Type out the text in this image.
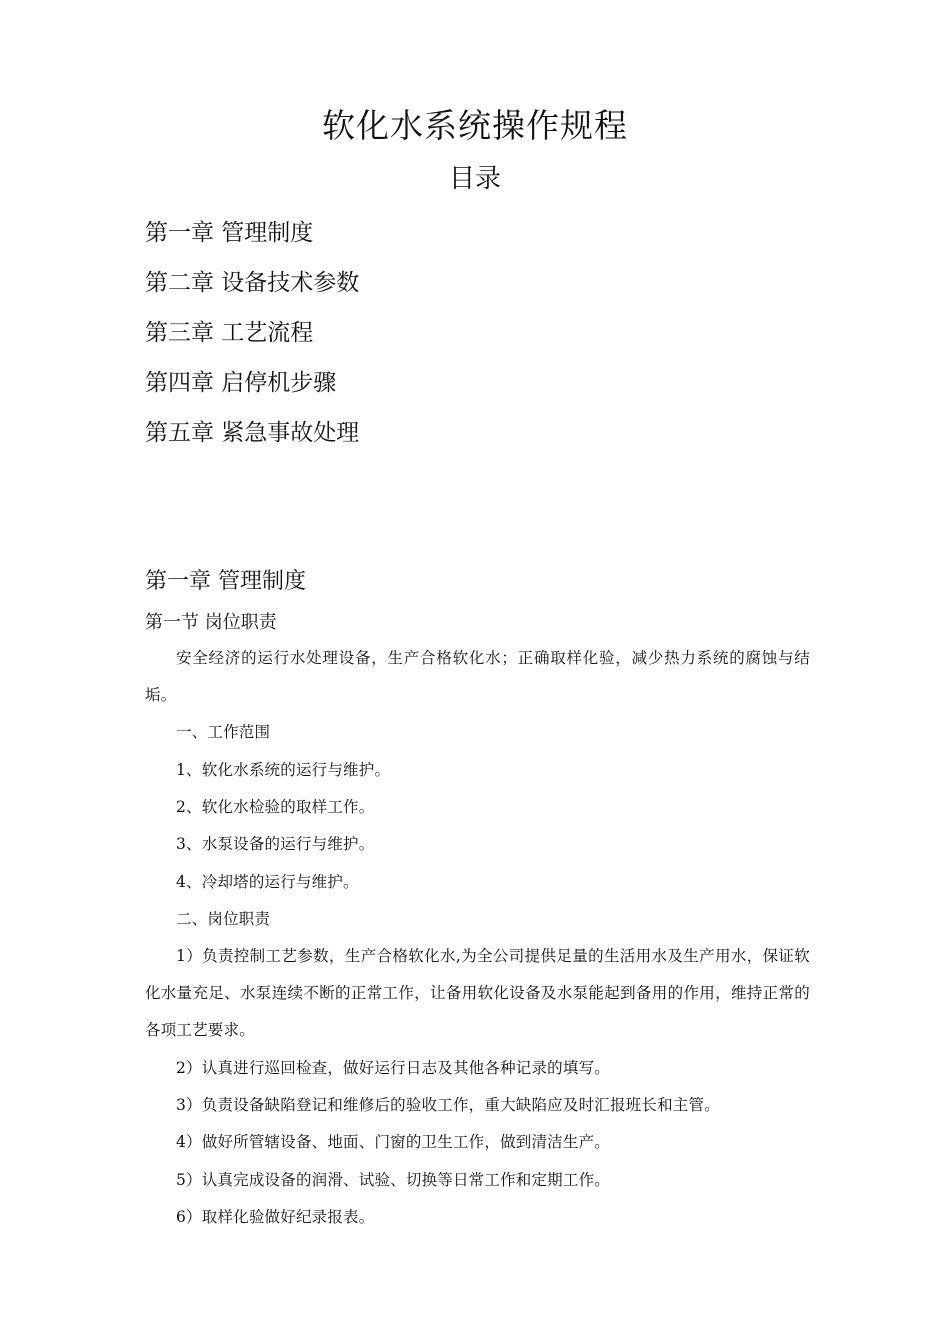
软化水系统操作规程
目录
第一章 管理制度
第二章 设备技术参数
第三章 工艺流程
第四章 启停机步骤
第五章 紧急事故处理
第一章 管理制度
第一节 岗位职责
安全经济的运行水处理设备，生产合格软化水；正确取样化验，减少热力系统的腐蚀与结垢。
一、工作范围
1、软化水系统的运行与维护。
2、软化水检验的取样工作。
3、水泵设备的运行与维护。
4、冷却塔的运行与维护。
二、岗位职责
1）负责控制工艺参数，生产合格软化水,为全公司提供足量的生活用水及生产用水，保证软化水量充足、水泵连续不断的正常工作，让备用软化设备及水泵能起到备用的作用，维持正常的各项工艺要求。
2）认真进行巡回检查，做好运行日志及其他各种记录的填写。
3）负责设备缺陷登记和维修后的验收工作，重大缺陷应及时汇报班长和主管。
4）做好所管辖设备、地面、门窗的卫生工作，做到清洁生产。
5）认真完成设备的润滑、试验、切换等日常工作和定期工作。
6）取样化验做好纪录报表。
